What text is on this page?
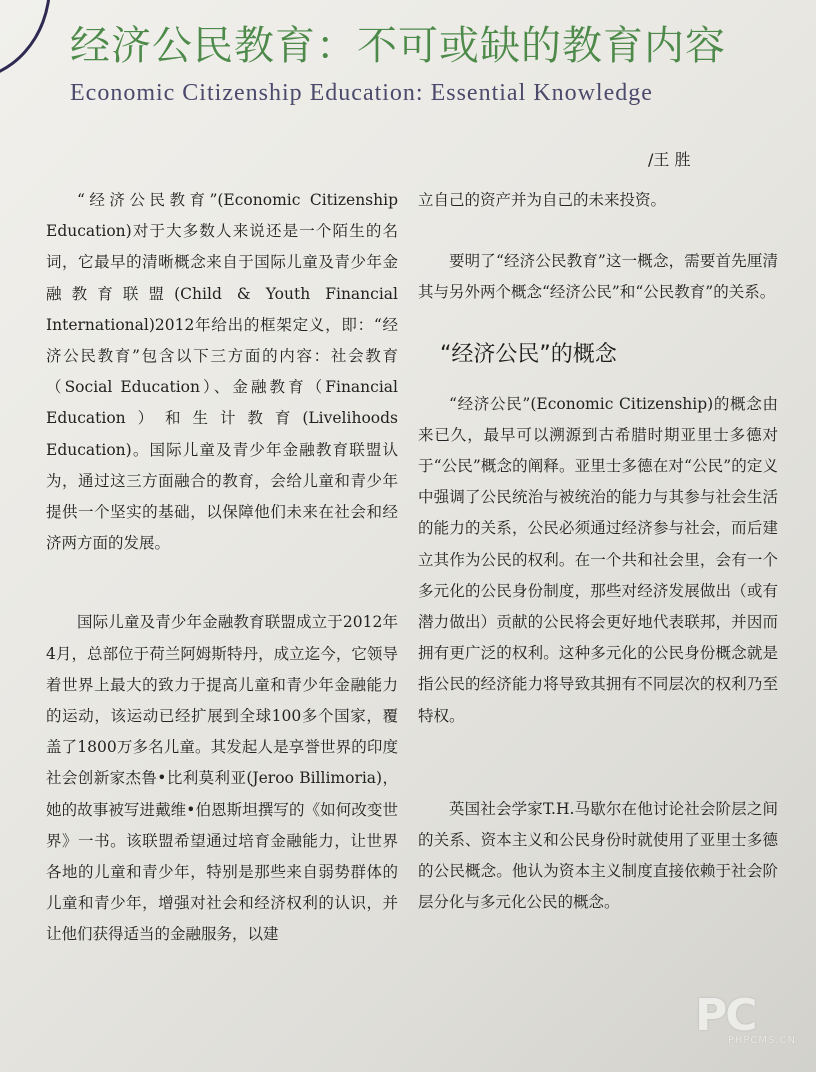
经济公民教育：不可或缺的教育内容
Economic Citizenship Education: Essential Knowledge
/王 胜

“经济公民教育”(Economic Citizenship Education)对于大多数人来说还是一个陌生的名词，它最早的清晰概念来自于国际儿童及青少年金融教育联盟(Child & Youth Financial International)2012年给出的框架定义，即：“经济公民教育”包含以下三方面的内容：社会教育（Social Education）、金融教育（Financial Education）和生计教育(Livelihoods Education)。国际儿童及青少年金融教育联盟认为，通过这三方面融合的教育，会给儿童和青少年提供一个坚实的基础，以保障他们未来在社会和经济两方面的发展。

国际儿童及青少年金融教育联盟成立于2012年4月，总部位于荷兰阿姆斯特丹，成立迄今，它领导着世界上最大的致力于提高儿童和青少年金融能力的运动，该运动已经扩展到全球100多个国家，覆盖了1800万多名儿童。其发起人是享誉世界的印度社会创新家杰鲁•比利莫利亚(Jeroo Billimoria)，她的故事被写进戴维•伯恩斯坦撰写的《如何改变世界》一书。该联盟希望通过培育金融能力，让世界各地的儿童和青少年，特别是那些来自弱势群体的儿童和青少年，增强对社会和经济权利的认识，并让他们获得适当的金融服务，以建

立自己的资产并为自己的未来投资。

要明了“经济公民教育”这一概念，需要首先厘清其与另外两个概念“经济公民”和“公民教育”的关系。

“经济公民”的概念

“经济公民”(Economic Citizenship)的概念由来已久，最早可以溯源到古希腊时期亚里士多德对于“公民”概念的阐释。亚里士多德在对“公民”的定义中强调了公民统治与被统治的能力与其参与社会生活的能力的关系，公民必须通过经济参与社会，而后建立其作为公民的权利。在一个共和社会里，会有一个多元化的公民身份制度，那些对经济发展做出（或有潜力做出）贡献的公民将会更好地代表联邦，并因而拥有更广泛的权利。这种多元化的公民身份概念就是指公民的经济能力将导致其拥有不同层次的权利乃至特权。

英国社会学家T.H.马歇尔在他讨论社会阶层之间的关系、资本主义和公民身份时就使用了亚里士多德的公民概念。他认为资本主义制度直接依赖于社会阶层分化与多元化公民的概念。

PC
PHPCMS.CN
